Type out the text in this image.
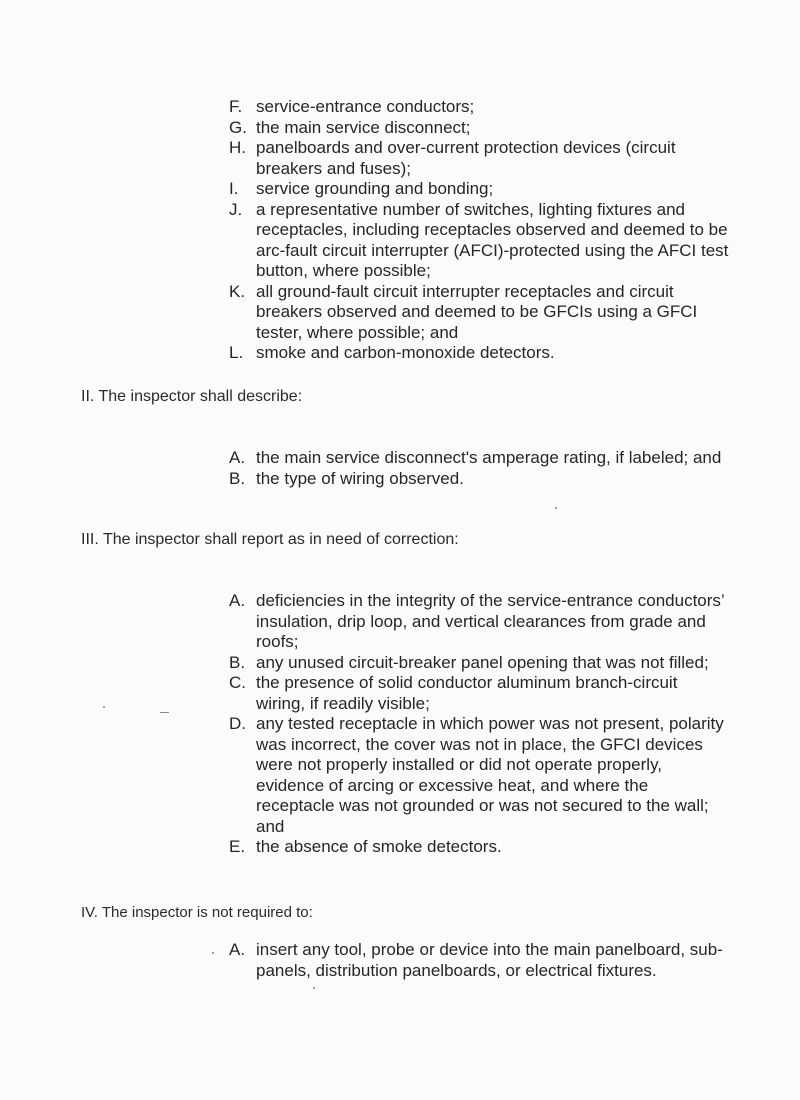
F. service-entrance conductors;
G. the main service disconnect;
H. panelboards and over-current protection devices (circuit breakers and fuses);
I.	service grounding and bonding;
J. a representative number of switches, lighting fixtures and receptacles, including receptacles observed and deemed to be arc-fault circuit interrupter (AFCI)-protected using the AFCI test button, where possible;
K. all ground-fault circuit interrupter receptacles and circuit breakers observed and deemed to be GFCIs using a GFCI tester, where possible; and
L. smoke and carbon-monoxide detectors.
II. The inspector shall describe:
A. the main service disconnect's amperage rating, if labeled; and
B. the type of wiring observed.
III. The inspector shall report as in need of correction:
A. deficiencies in the integrity of the service-entrance conductors’ insulation, drip loop, and vertical clearances from grade and roofs;
B. any unused circuit-breaker panel opening that was not filled;
C. the presence of solid conductor aluminum branch-circuit wiring, if readily visible;
D. any tested receptacle in which power was not present, polarity was incorrect, the cover was not in place, the GFCI devices were not properly installed or did not operate properly, evidence of arcing or excessive heat, and where the receptacle was not grounded or was not secured to the wall; and
E. the absence of smoke detectors.
IV. The inspector is not required to:
A. insert any tool, probe or device into the main panelboard, sub-panels, distribution panelboards, or electrical fixtures.
